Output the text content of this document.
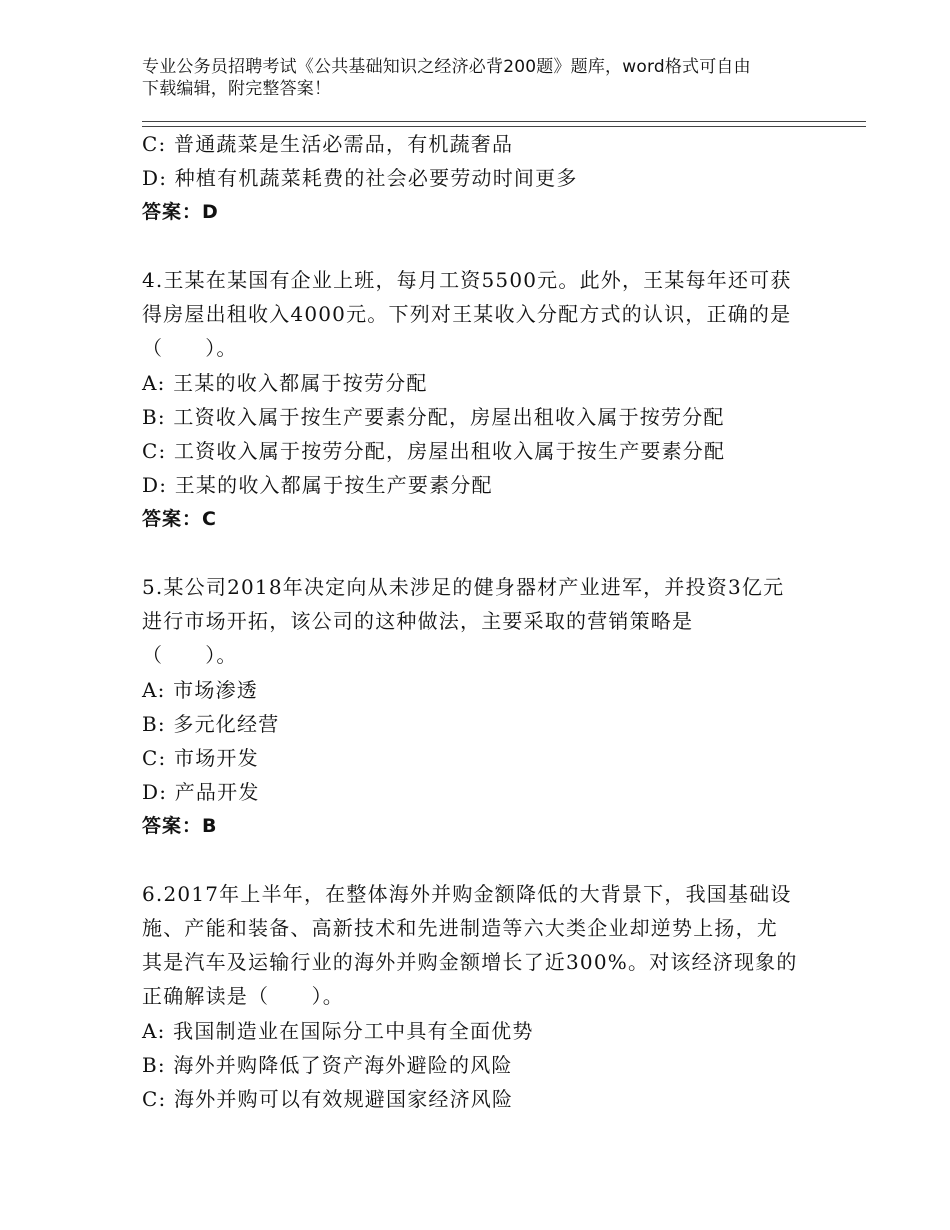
专业公务员招聘考试《公共基础知识之经济必背200题》题库，word格式可自由
下载编辑，附完整答案！
C: 普通蔬菜是生活必需品，有机蔬奢品
D: 种植有机蔬菜耗费的社会必要劳动时间更多
答案：D
4.王某在某国有企业上班，每月工资5500元。此外，王某每年还可获
得房屋出租收入4000元。下列对王某收入分配方式的认识，正确的是
（ ）。
A: 王某的收入都属于按劳分配
B: 工资收入属于按生产要素分配，房屋出租收入属于按劳分配
C: 工资收入属于按劳分配，房屋出租收入属于按生产要素分配
D: 王某的收入都属于按生产要素分配
答案：C
5.某公司2018年决定向从未涉足的健身器材产业进军，并投资3亿元
进行市场开拓，该公司的这种做法，主要采取的营销策略是
（ ）。
A: 市场渗透
B: 多元化经营
C: 市场开发
D: 产品开发
答案：B
6.2017年上半年，在整体海外并购金额降低的大背景下，我国基础设
施、产能和装备、高新技术和先进制造等六大类企业却逆势上扬，尤
其是汽车及运输行业的海外并购金额增长了近300%。对该经济现象的
正确解读是（　　）。
A: 我国制造业在国际分工中具有全面优势
B: 海外并购降低了资产海外避险的风险
C: 海外并购可以有效规避国家经济风险
